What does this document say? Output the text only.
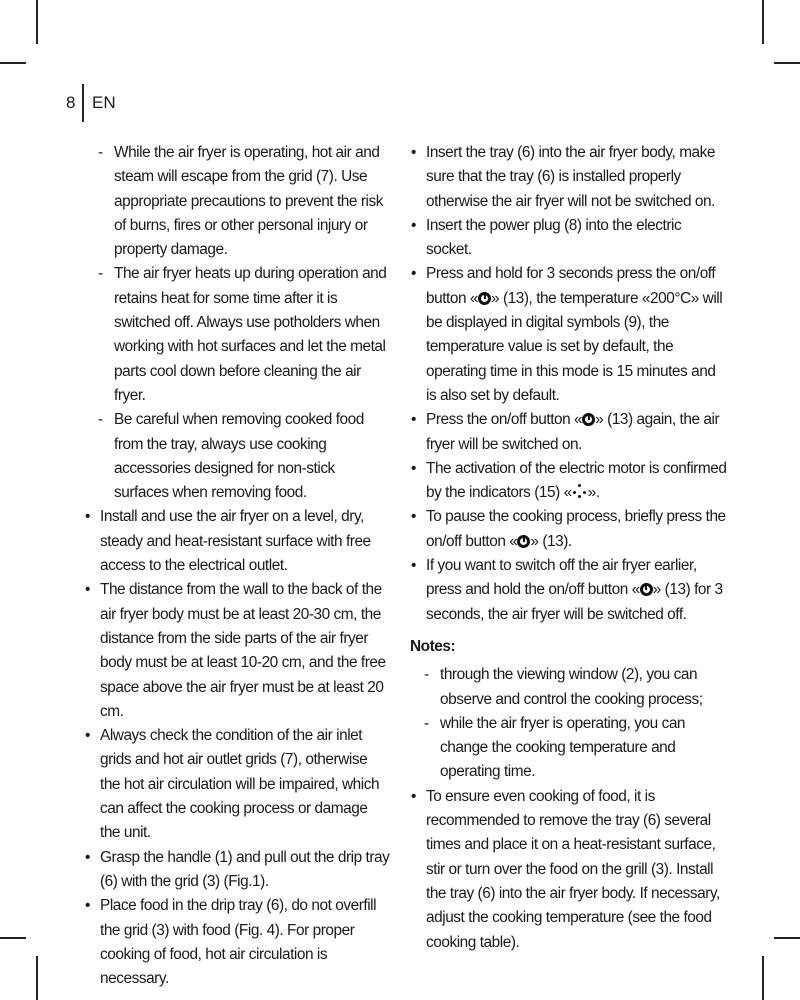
8 EN
- While the air fryer is operating, hot air and steam will escape from the grid (7). Use appropriate precautions to prevent the risk of burns, fires or other personal injury or property damage.
- The air fryer heats up during operation and retains heat for some time after it is switched off. Always use potholders when working with hot surfaces and let the metal parts cool down before cleaning the air fryer.
- Be careful when removing cooked food from the tray, always use cooking accessories designed for non-stick surfaces when removing food.
• Install and use the air fryer on a level, dry, steady and heat-resistant surface with free access to the electrical outlet.
• The distance from the wall to the back of the air fryer body must be at least 20-30 cm, the distance from the side parts of the air fryer body must be at least 10-20 cm, and the free space above the air fryer must be at least 20 cm.
• Always check the condition of the air inlet grids and hot air outlet grids (7), otherwise the hot air circulation will be impaired, which can affect the cooking process or damage the unit.
• Grasp the handle (1) and pull out the drip tray (6) with the grid (3) (Fig.1).
• Place food in the drip tray (6), do not overfill the grid (3) with food (Fig. 4). For proper cooking of food, hot air circulation is necessary.
• Insert the tray (6) into the air fryer body, make sure that the tray (6) is installed properly otherwise the air fryer will not be switched on.
• Insert the power plug (8) into the electric socket.
• Press and hold for 3 seconds press the on/off button « » (13), the temperature «200°C» will be displayed in digital symbols (9), the temperature value is set by default, the operating time in this mode is 15 minutes and is also set by default.
• Press the on/off button « » (13) again, the air fryer will be switched on.
• The activation of the electric motor is confirmed by the indicators (15) « ».
• To pause the cooking process, briefly press the on/off button « » (13).
• If you want to switch off the air fryer earlier, press and hold the on/off button « » (13) for 3 seconds, the air fryer will be switched off.
Notes:
- through the viewing window (2), you can observe and control the cooking process;
- while the air fryer is operating, you can change the cooking temperature and operating time.
• To ensure even cooking of food, it is recommended to remove the tray (6) several times and place it on a heat-resistant surface, stir or turn over the food on the grill (3). Install the tray (6) into the air fryer body. If necessary, adjust the cooking temperature (see the food cooking table).
